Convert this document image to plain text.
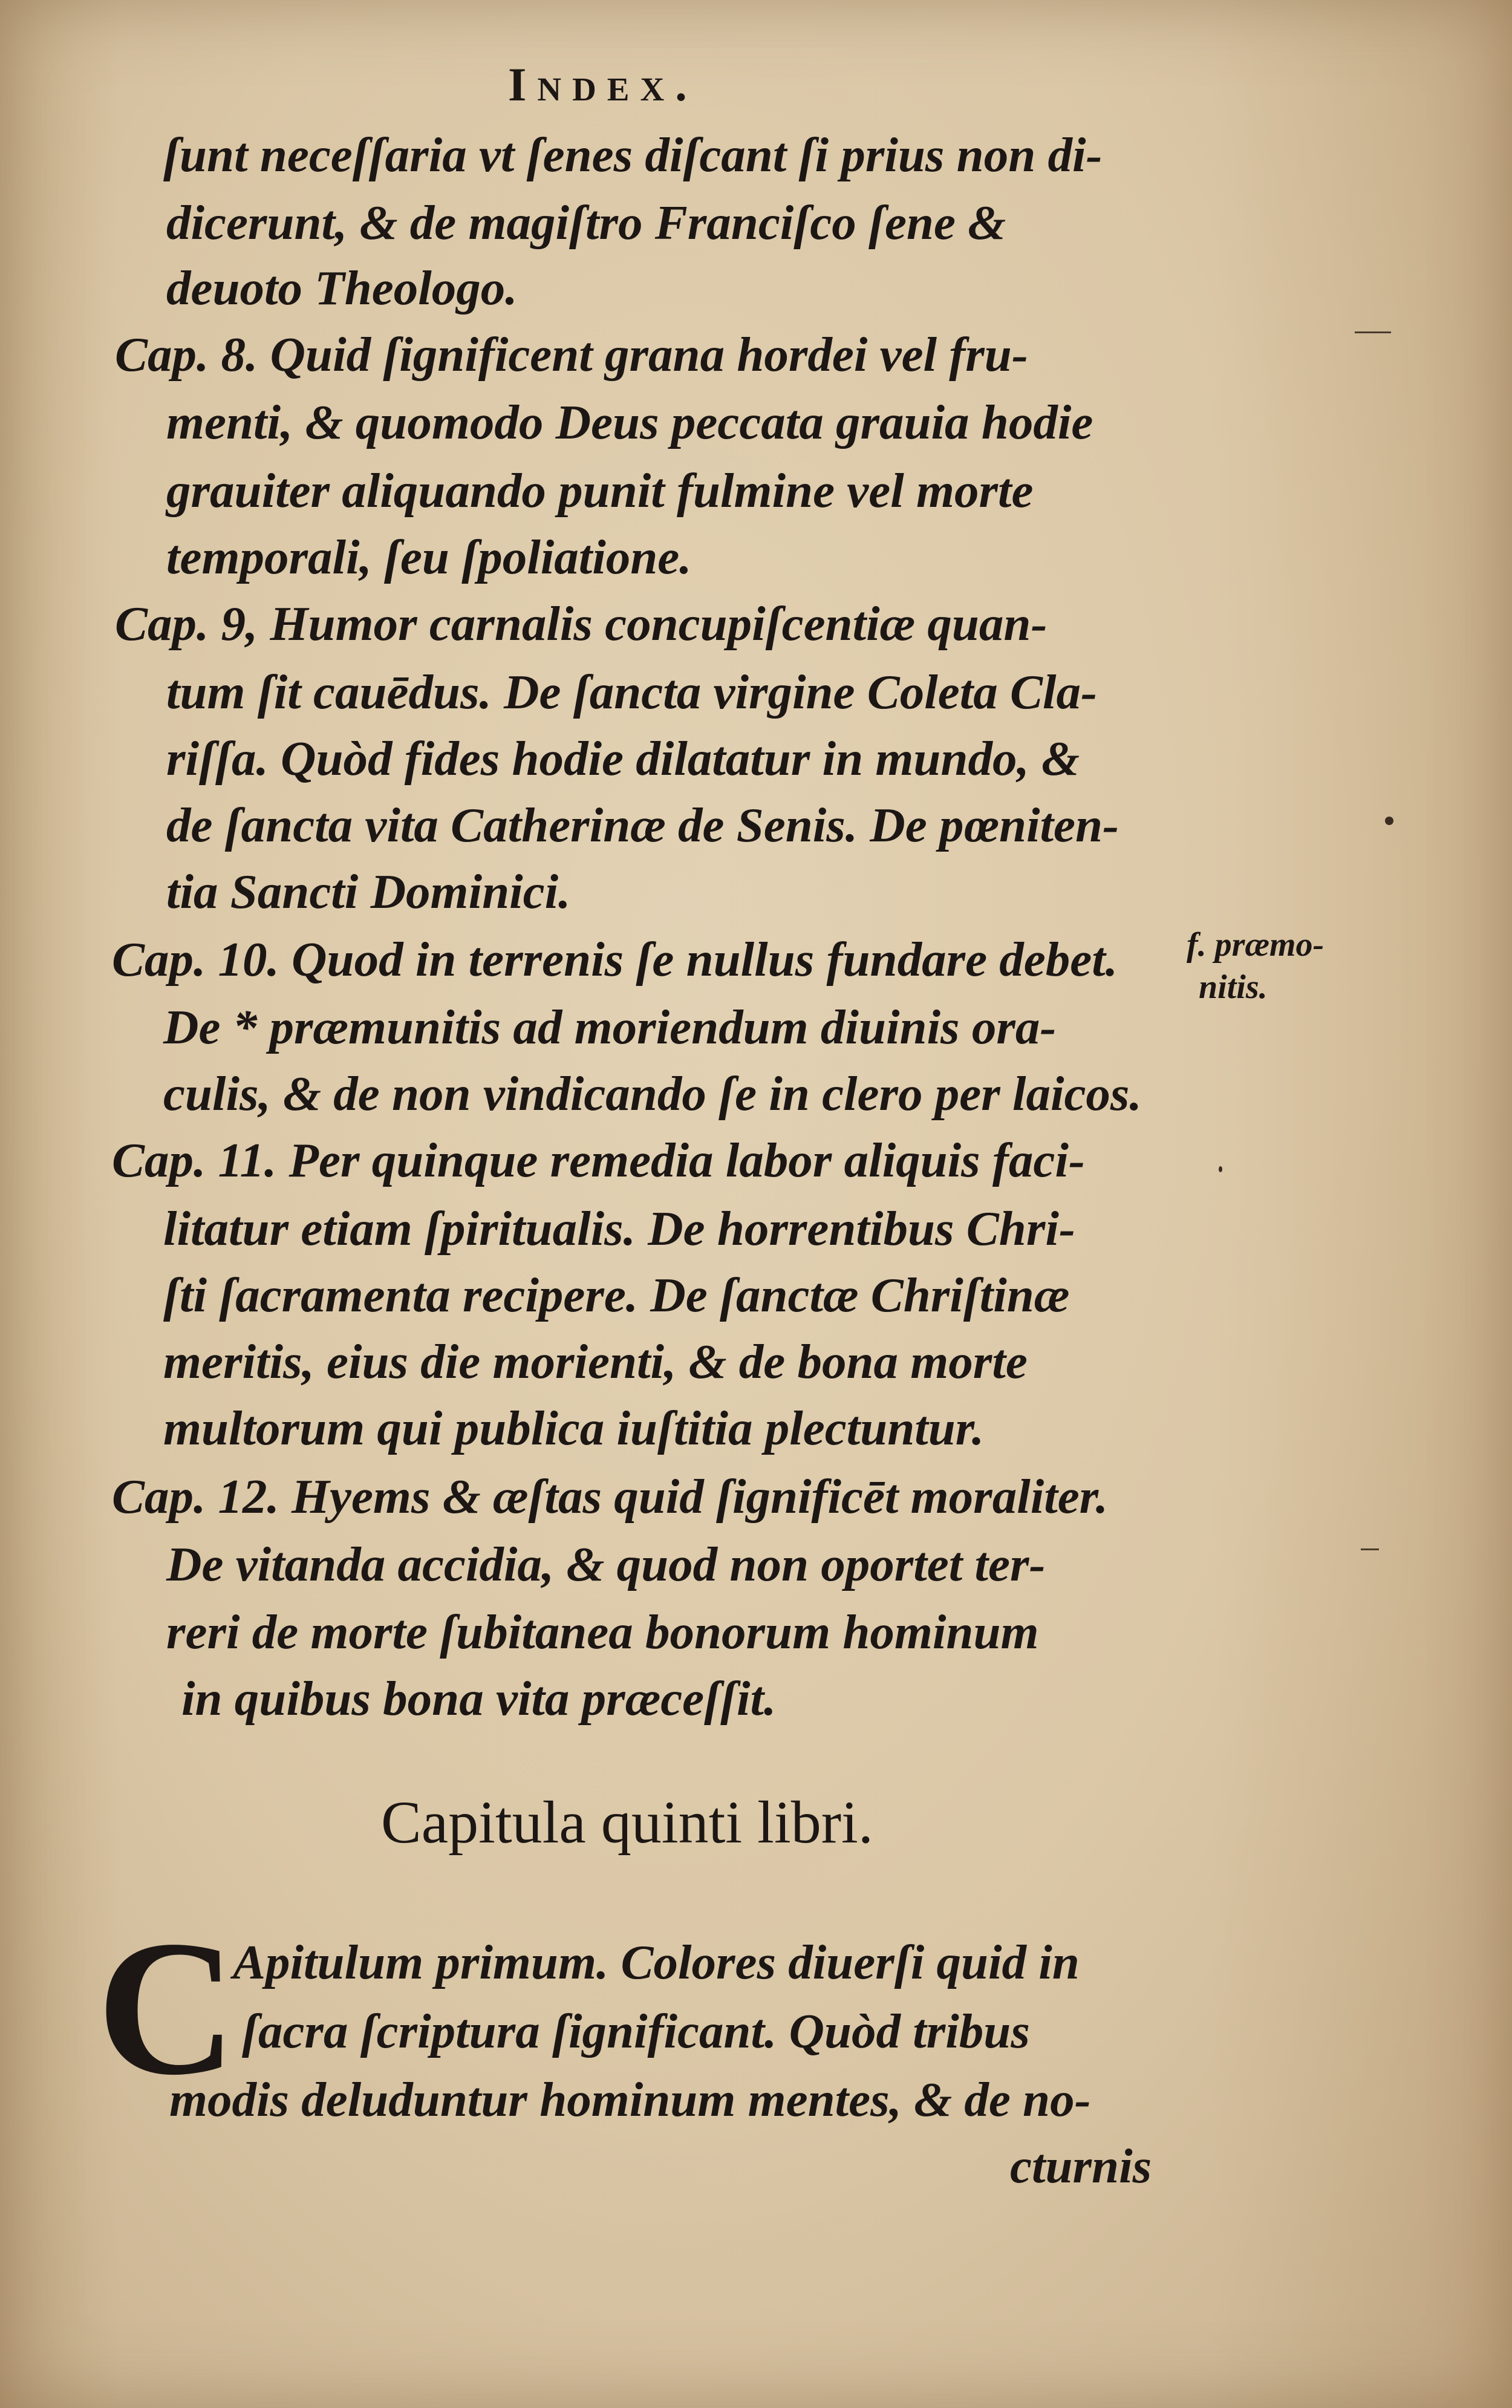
Index.
ſunt neceſſaria vt ſenes diſcant ſi prius non di-
dicerunt, & de magiſtro Franciſco ſene &
deuoto Theologo.
Cap. 8. Quid ſignificent grana hordei vel fru-
menti, & quomodo Deus peccata grauia hodie
grauiter aliquando punit fulmine vel morte
temporali, ſeu ſpoliatione.
Cap. 9, Humor carnalis concupiſcentiæ quan-
tum ſit cauēdus. De ſancta virgine Coleta Cla-
riſſa. Quòd fides hodie dilatatur in mundo, &
de ſancta vita Catherinæ de Senis. De pœniten-
tia Sancti Dominici.
Cap. 10. Quod in terrenis ſe nullus fundare debet.
De * præmunitis ad moriendum diuinis ora-
culis, & de non vindicando ſe in clero per laicos.
Cap. 11. Per quinque remedia labor aliquis faci-
litatur etiam ſpiritualis. De horrentibus Chri-
ſti ſacramenta recipere. De ſanctæ Chriſtinæ
meritis, eius die morienti, & de bona morte
multorum qui publica iuſtitia plectuntur.
Cap. 12. Hyems & æſtas quid ſignificēt moraliter.
De vitanda accidia, & quod non oportet ter-
reri de morte ſubitanea bonorum hominum
in quibus bona vita præceſſit.
f. præmo-
nitis.
Capitula quinti libri.
C
Apitulum primum. Colores diuerſi quid in
ſacra ſcriptura ſignificant. Quòd tribus
modis deluduntur hominum mentes, & de no-
cturnis
